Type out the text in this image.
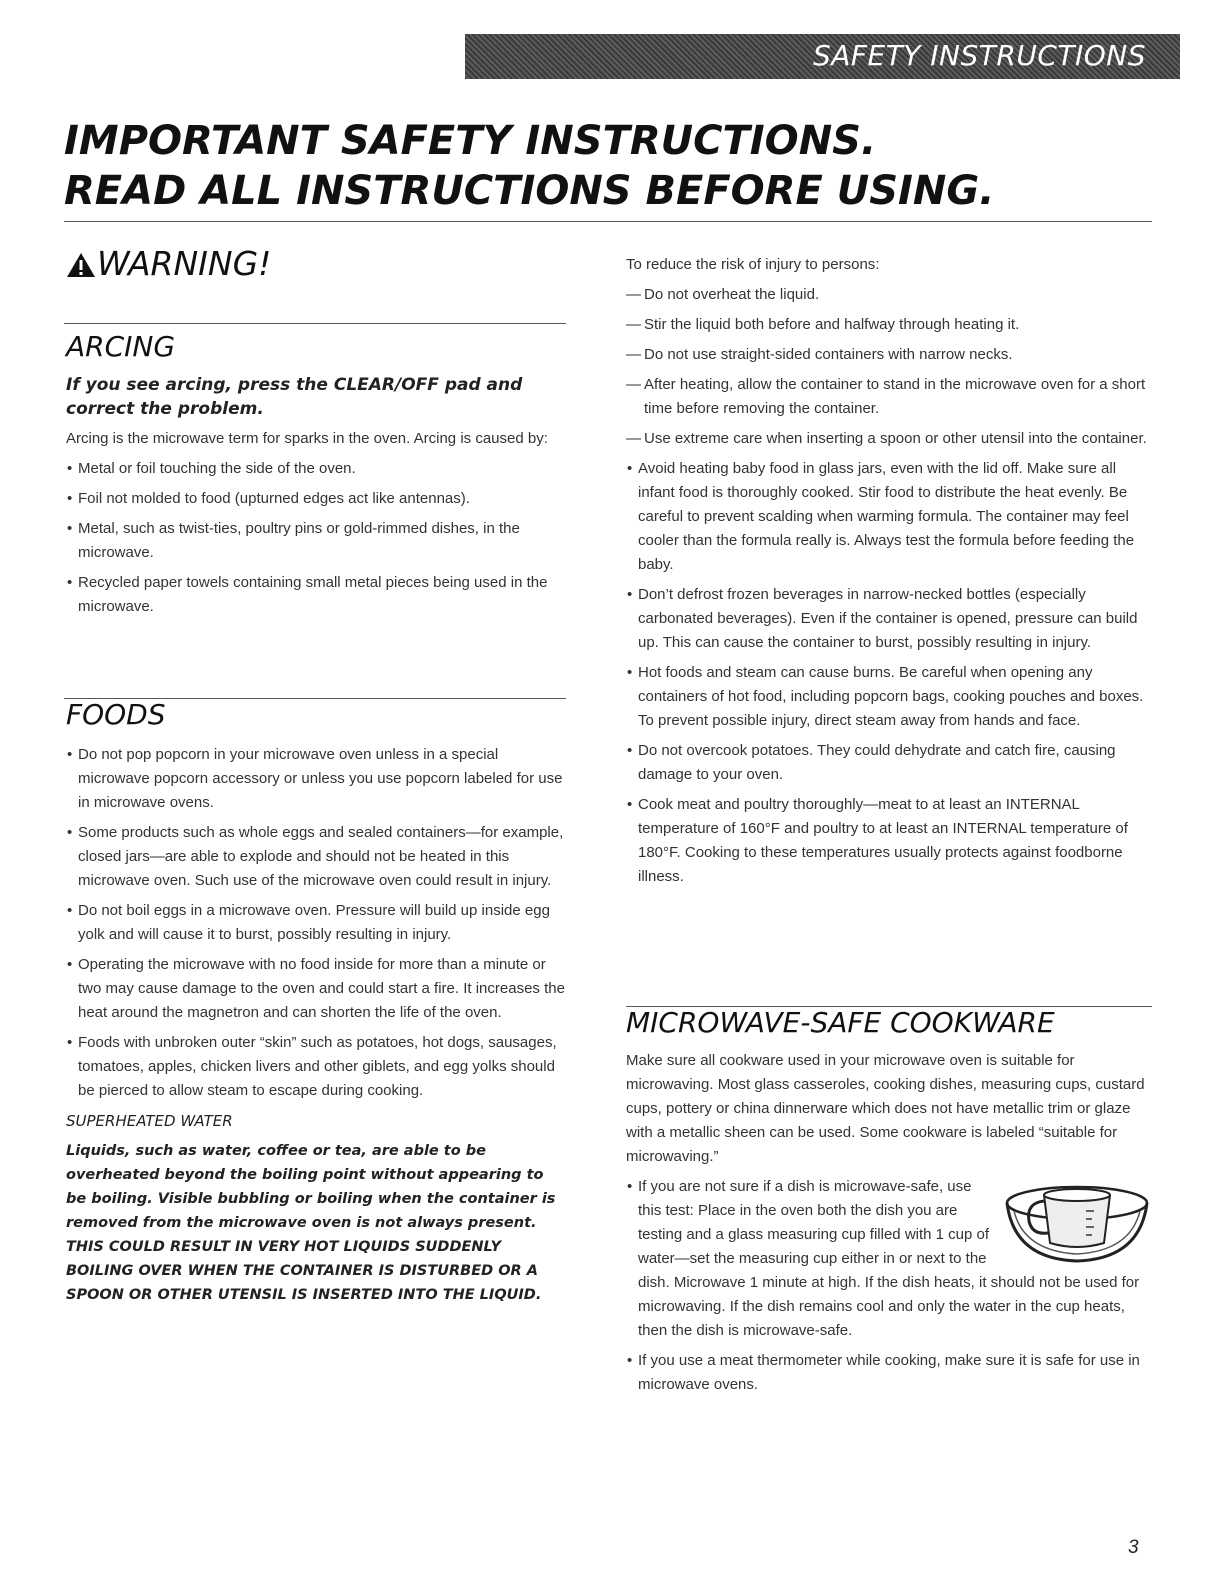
SAFETY INSTRUCTIONS
IMPORTANT SAFETY INSTRUCTIONS.
READ ALL INSTRUCTIONS BEFORE USING.
WARNING!
ARCING
If you see arcing, press the CLEAR/OFF pad and correct the problem.

Arcing is the microwave term for sparks in the oven. Arcing is caused by:

• Metal or foil touching the side of the oven.
• Foil not molded to food (upturned edges act like antennas).
• Metal, such as twist-ties, poultry pins or gold-rimmed dishes, in the microwave.
• Recycled paper towels containing small metal pieces being used in the microwave.
FOODS
• Do not pop popcorn in your microwave oven unless in a special microwave popcorn accessory or unless you use popcorn labeled for use in microwave ovens.
• Some products such as whole eggs and sealed containers—for example, closed jars—are able to explode and should not be heated in this microwave oven. Such use of the microwave oven could result in injury.
• Do not boil eggs in a microwave oven. Pressure will build up inside egg yolk and will cause it to burst, possibly resulting in injury.
• Operating the microwave with no food inside for more than a minute or two may cause damage to the oven and could start a fire. It increases the heat around the magnetron and can shorten the life of the oven.
• Foods with unbroken outer “skin” such as potatoes, hot dogs, sausages, tomatoes, apples, chicken livers and other giblets, and egg yolks should be pierced to allow steam to escape during cooking.
SUPERHEATED WATER
Liquids, such as water, coffee or tea, are able to be overheated beyond the boiling point without appearing to be boiling. Visible bubbling or boiling when the container is removed from the microwave oven is not always present. THIS COULD RESULT IN VERY HOT LIQUIDS SUDDENLY BOILING OVER WHEN THE CONTAINER IS DISTURBED OR A SPOON OR OTHER UTENSIL IS INSERTED INTO THE LIQUID.

To reduce the risk of injury to persons:

— Do not overheat the liquid.
— Stir the liquid both before and halfway through heating it.
— Do not use straight-sided containers with narrow necks.
— After heating, allow the container to stand in the microwave oven for a short time before removing the container.
— Use extreme care when inserting a spoon or other utensil into the container.
• Avoid heating baby food in glass jars, even with the lid off. Make sure all infant food is thoroughly cooked. Stir food to distribute the heat evenly. Be careful to prevent scalding when warming formula. The container may feel cooler than the formula really is. Always test the formula before feeding the baby.
• Don’t defrost frozen beverages in narrow-necked bottles (especially carbonated beverages). Even if the container is opened, pressure can build up. This can cause the container to burst, possibly resulting in injury.
• Hot foods and steam can cause burns. Be careful when opening any containers of hot food, including popcorn bags, cooking pouches and boxes. To prevent possible injury, direct steam away from hands and face.
• Do not overcook potatoes. They could dehydrate and catch fire, causing damage to your oven.
• Cook meat and poultry thoroughly—meat to at least an INTERNAL temperature of 160°F and poultry to at least an INTERNAL temperature of 180°F. Cooking to these temperatures usually protects against foodborne illness.
MICROWAVE-SAFE COOKWARE

Make sure all cookware used in your microwave oven is suitable for microwaving. Most glass casseroles, cooking dishes, measuring cups, custard cups, pottery or china dinnerware which does not have metallic trim or glaze with a metallic sheen can be used. Some cookware is labeled “suitable for microwaving.”

• If you are not sure if a dish is microwave-safe, use this test: Place in the oven both the dish you are testing and a glass measuring cup filled with 1 cup of water—set the measuring cup either in or next to the dish. Microwave 1 minute at high. If the dish heats, it should not be used for microwaving. If the dish remains cool and only the water in the cup heats, then the dish is microwave-safe.
• If you use a meat thermometer while cooking, make sure it is safe for use in microwave ovens.
3
